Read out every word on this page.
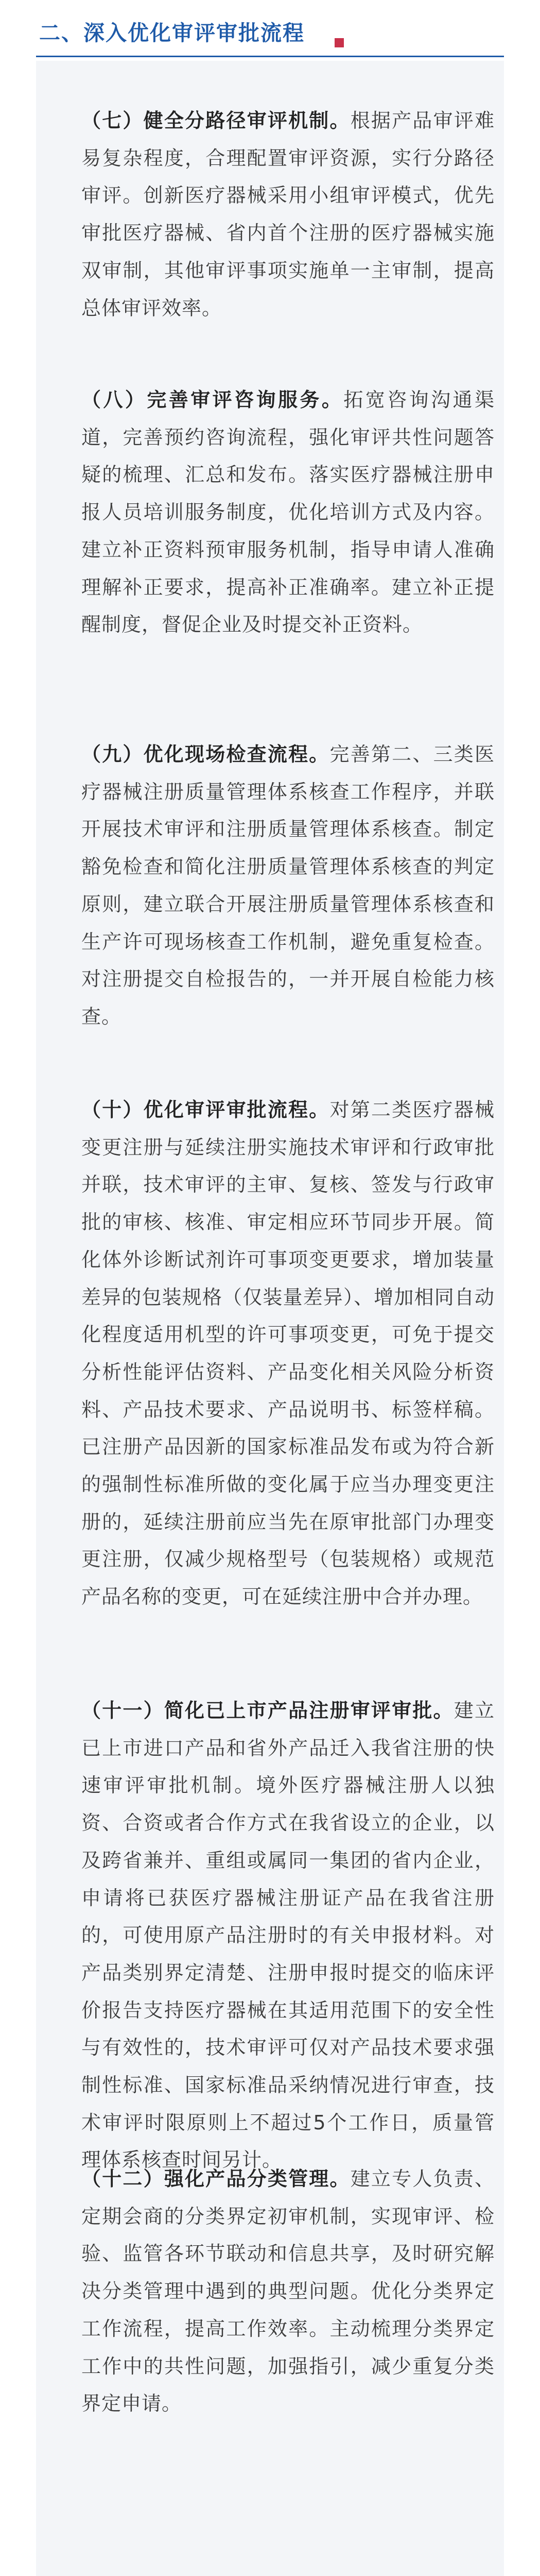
二、深入优化审评审批流程

（七）健全分路径审评机制。根据产品审评难易复杂程度，合理配置审评资源，实行分路径审评。创新医疗器械采用小组审评模式，优先审批医疗器械、省内首个注册的医疗器械实施双审制，其他审评事项实施单一主审制，提高总体审评效率。

（八）完善审评咨询服务。拓宽咨询沟通渠道，完善预约咨询流程，强化审评共性问题答疑的梳理、汇总和发布。落实医疗器械注册申报人员培训服务制度，优化培训方式及内容。建立补正资料预审服务机制，指导申请人准确理解补正要求，提高补正准确率。建立补正提醒制度，督促企业及时提交补正资料。

（九）优化现场检查流程。完善第二、三类医疗器械注册质量管理体系核查工作程序，并联开展技术审评和注册质量管理体系核查。制定豁免检查和简化注册质量管理体系核查的判定原则，建立联合开展注册质量管理体系核查和生产许可现场核查工作机制，避免重复检查。对注册提交自检报告的，一并开展自检能力核查。

（十）优化审评审批流程。对第二类医疗器械变更注册与延续注册实施技术审评和行政审批并联，技术审评的主审、复核、签发与行政审批的审核、核准、审定相应环节同步开展。简化体外诊断试剂许可事项变更要求，增加装量差异的包装规格（仅装量差异）、增加相同自动化程度适用机型的许可事项变更，可免于提交分析性能评估资料、产品变化相关风险分析资料、产品技术要求、产品说明书、标签样稿。已注册产品因新的国家标准品发布或为符合新的强制性标准所做的变化属于应当办理变更注册的，延续注册前应当先在原审批部门办理变更注册，仅减少规格型号（包装规格）或规范产品名称的变更，可在延续注册中合并办理。

（十一）简化已上市产品注册审评审批。建立已上市进口产品和省外产品迁入我省注册的快速审评审批机制。境外医疗器械注册人以独资、合资或者合作方式在我省设立的企业，以及跨省兼并、重组或属同一集团的省内企业，申请将已获医疗器械注册证产品在我省注册的，可使用原产品注册时的有关申报材料。对产品类别界定清楚、注册申报时提交的临床评价报告支持医疗器械在其适用范围下的安全性与有效性的，技术审评可仅对产品技术要求强制性标准、国家标准品采纳情况进行审查，技术审评时限原则上不超过5个工作日，质量管理体系核查时间另计。

（十二）强化产品分类管理。建立专人负责、定期会商的分类界定初审机制，实现审评、检验、监管各环节联动和信息共享，及时研究解决分类管理中遇到的典型问题。优化分类界定工作流程，提高工作效率。主动梳理分类界定工作中的共性问题，加强指引，减少重复分类界定申请。
